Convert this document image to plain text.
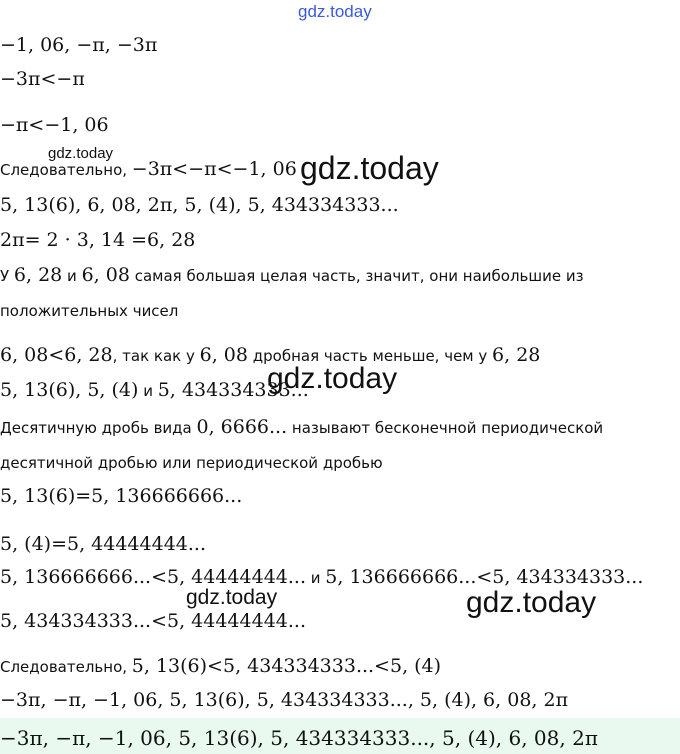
gdz.today
−1, 06, −π, −3π
−3π<−π
−π<−1, 06
gdz.today
Следовательно, −3π<−π<−1, 06 gdz.today
5, 13(6), 6, 08, 2π, 5, (4), 5, 434334333...
2π= 2 · 3, 14 =6, 28
У 6, 28 и 6, 08 самая большая целая часть, значит, они наибольшие из
положительных чисел
6, 08<6, 28, так как у 6, 08 дробная часть меньше, чем у 6, 28
5, 13(6), 5, (4) и 5, 434334333...
gdz.today
Десятичную дробь вида 0, 6666... называют бесконечной периодической
десятичной дробью или периодической дробью
5, 13(6)=5, 136666666...
5, (4)=5, 44444444...
5, 136666666...<5, 44444444... и 5, 136666666...<5, 434334333...
gdz.today	gdz.today
5, 434334333...<5, 44444444...
Следовательно, 5, 13(6)<5, 434334333...<5, (4)
−3π, −π, −1, 06, 5, 13(6), 5, 434334333..., 5, (4), 6, 08, 2π
−3π, −π, −1, 06, 5, 13(6), 5, 434334333..., 5, (4), 6, 08, 2π
